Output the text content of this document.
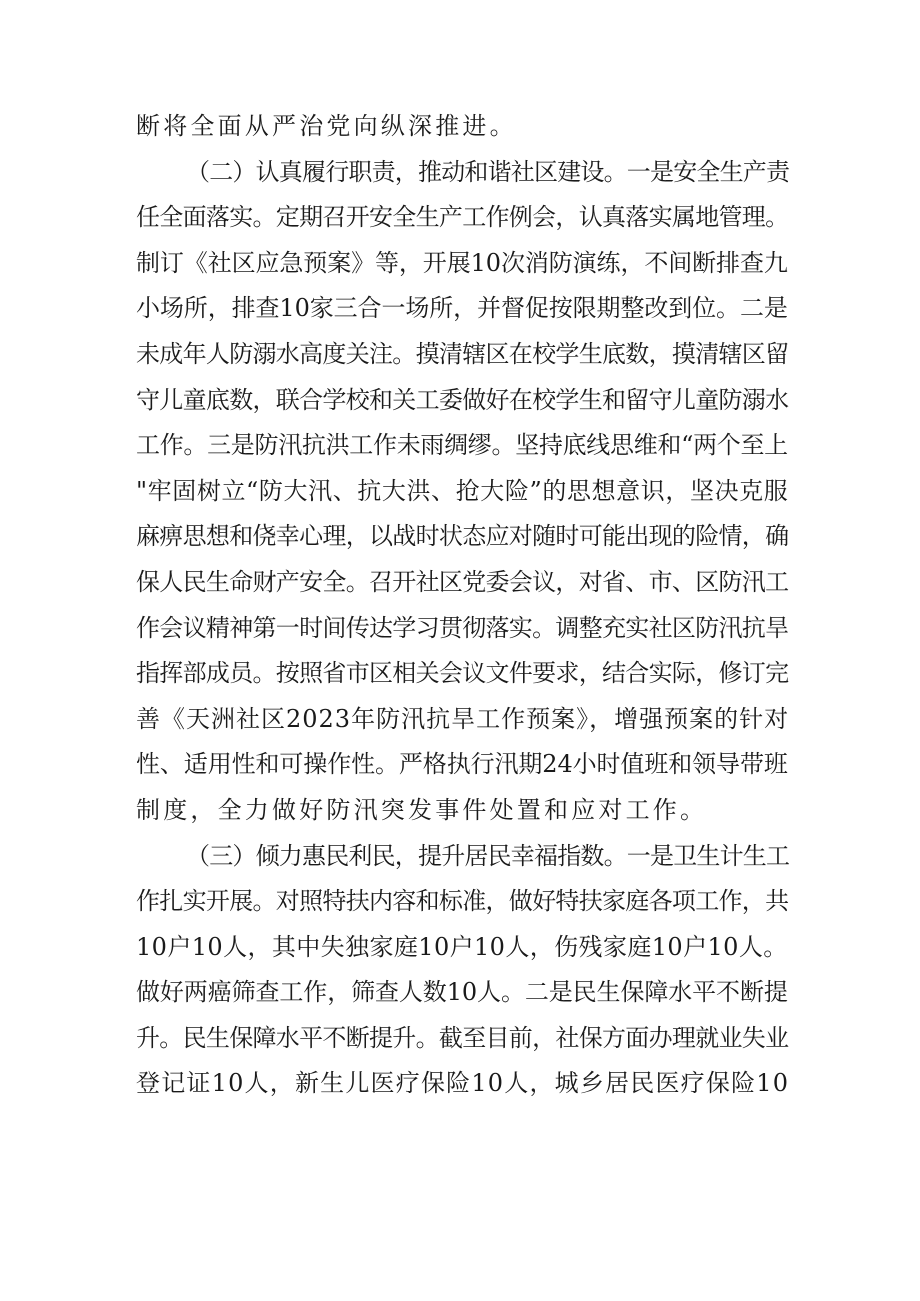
断将全面从严治党向纵深推进。
（二）认真履行职责，推动和谐社区建设。一是安全生产责
任全面落实。定期召开安全生产工作例会，认真落实属地管理。
制订《社区应急预案》等，开展10次消防演练，不间断排查九
小场所，排查10家三合一场所，并督促按限期整改到位。二是
未成年人防溺水高度关注。摸清辖区在校学生底数，摸清辖区留
守儿童底数，联合学校和关工委做好在校学生和留守儿童防溺水
工作。三是防汛抗洪工作未雨绸缪。坚持底线思维和“两个至上
"牢固树立“防大汛、抗大洪、抢大险”的思想意识，坚决克服
麻痹思想和侥幸心理，以战时状态应对随时可能出现的险情，确
保人民生命财产安全。召开社区党委会议，对省、市、区防汛工
作会议精神第一时间传达学习贯彻落实。调整充实社区防汛抗旱
指挥部成员。按照省市区相关会议文件要求，结合实际，修订完
善《天洲社区2023年防汛抗旱工作预案》，增强预案的针对
性、适用性和可操作性。严格执行汛期24小时值班和领导带班
制度，全力做好防汛突发事件处置和应对工作。
（三）倾力惠民利民，提升居民幸福指数。一是卫生计生工
作扎实开展。对照特扶内容和标准，做好特扶家庭各项工作，共
10户10人，其中失独家庭10户10人，伤残家庭10户10人。
做好两癌筛查工作，筛查人数10人。二是民生保障水平不断提
升。民生保障水平不断提升。截至目前，社保方面办理就业失业
登记证10人，新生儿医疗保险10人，城乡居民医疗保险10
